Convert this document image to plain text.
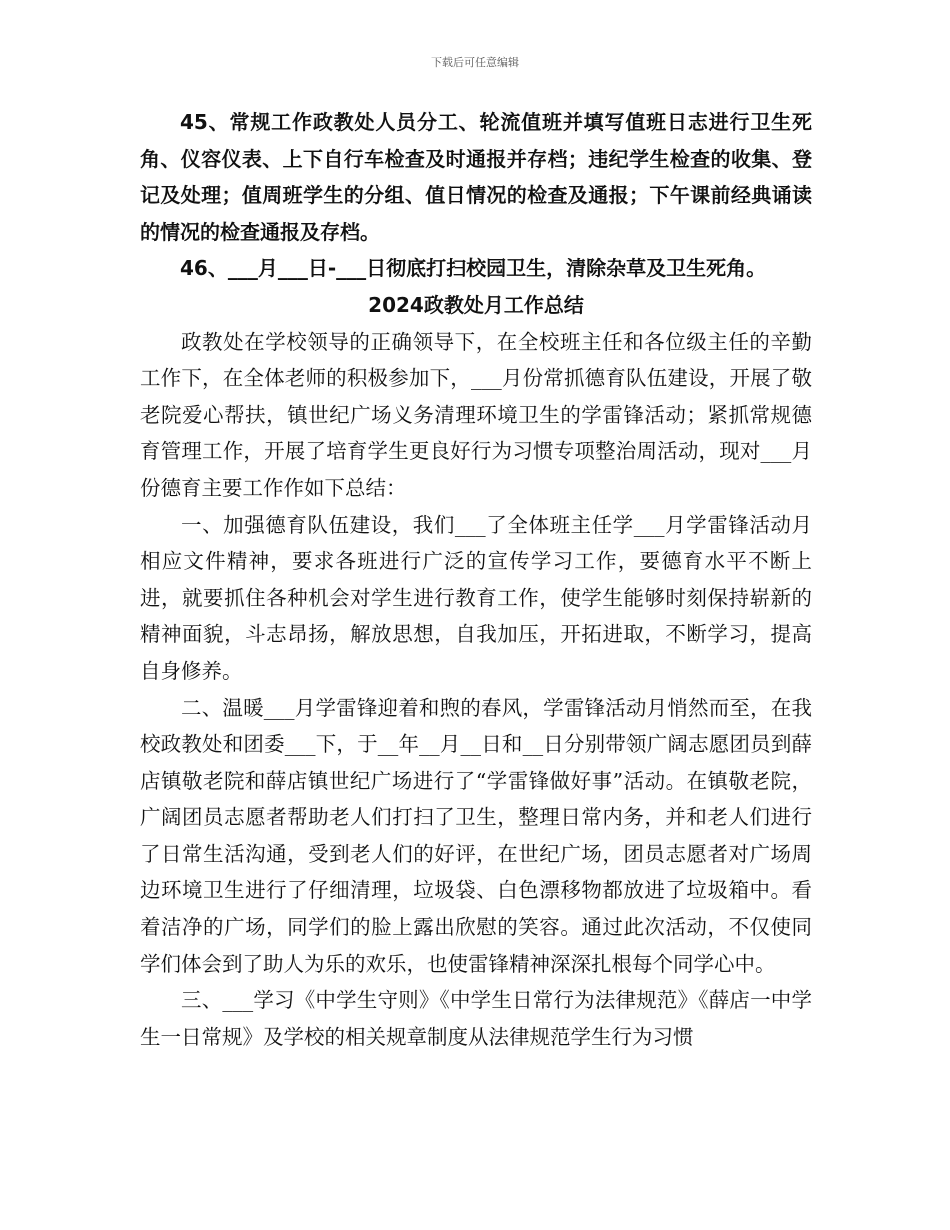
下载后可任意编辑

45、常规工作政教处人员分工、轮流值班并填写值班日志进行卫生死角、仪容仪表、上下自行车检查及时通报并存档；违纪学生检查的收集、登记及处理；值周班学生的分组、值日情况的检查及通报；下午课前经典诵读的情况的检查通报及存档。

46、___月___日-___日彻底打扫校园卫生，清除杂草及卫生死角。

2024政教处月工作总结

政教处在学校领导的正确领导下，在全校班主任和各位级主任的辛勤工作下，在全体老师的积极参加下，___月份常抓德育队伍建设，开展了敬老院爱心帮扶，镇世纪广场义务清理环境卫生的学雷锋活动；紧抓常规德育管理工作，开展了培育学生更良好行为习惯专项整治周活动，现对___月份德育主要工作作如下总结：

一、加强德育队伍建设，我们___了全体班主任学___月学雷锋活动月相应文件精神，要求各班进行广泛的宣传学习工作，要德育水平不断上进，就要抓住各种机会对学生进行教育工作，使学生能够时刻保持崭新的精神面貌，斗志昂扬，解放思想，自我加压，开拓进取，不断学习，提高自身修养。

二、温暖___月学雷锋迎着和煦的春风，学雷锋活动月悄然而至，在我校政教处和团委___下，于__年__月__日和__日分别带领广阔志愿团员到薛店镇敬老院和薛店镇世纪广场进行了“学雷锋做好事”活动。在镇敬老院，广阔团员志愿者帮助老人们打扫了卫生，整理日常内务，并和老人们进行了日常生活沟通，受到老人们的好评，在世纪广场，团员志愿者对广场周边环境卫生进行了仔细清理，垃圾袋、白色漂移物都放进了垃圾箱中。看着洁净的广场，同学们的脸上露出欣慰的笑容。通过此次活动，不仅使同学们体会到了助人为乐的欢乐，也使雷锋精神深深扎根每个同学心中。

三、___学习《中学生守则》《中学生日常行为法律规范》《薛店一中学生一日常规》及学校的相关规章制度从法律规范学生行为习惯
